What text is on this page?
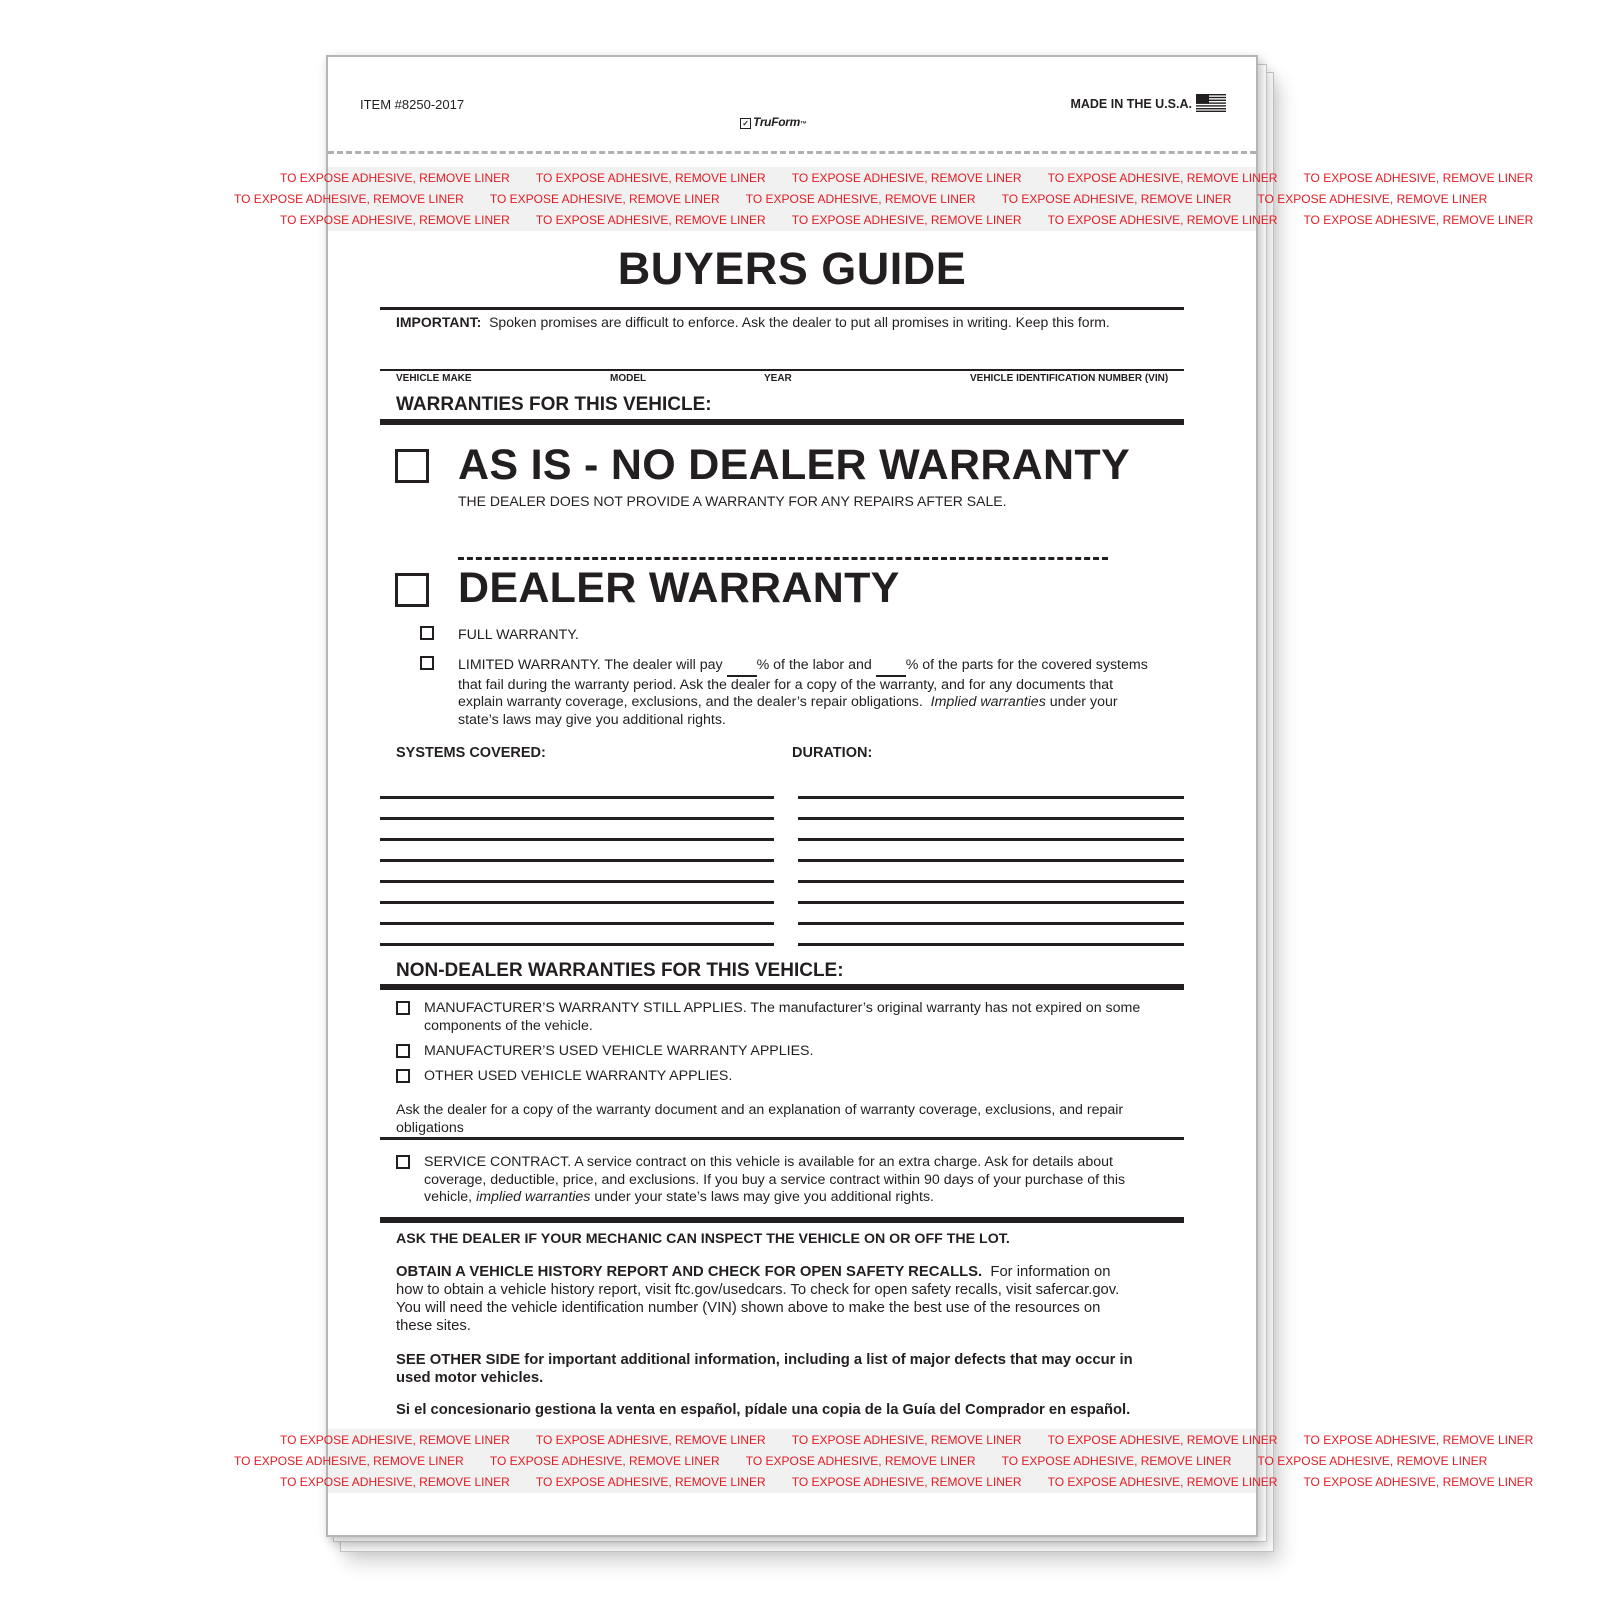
ITEM #8250-2017
✓ TruForm™
MADE IN THE U.S.A.
TO EXPOSE ADHESIVE, REMOVE LINER TO EXPOSE ADHESIVE, REMOVE LINER TO EXPOSE ADHESIVE, REMOVE LINER TO EXPOSE ADHESIVE, REMOVE LINER TO EXPOSE ADHESIVE, REMOVE LINER
TO EXPOSE ADHESIVE, REMOVE LINER TO EXPOSE ADHESIVE, REMOVE LINER TO EXPOSE ADHESIVE, REMOVE LINER TO EXPOSE ADHESIVE, REMOVE LINER TO EXPOSE ADHESIVE, REMOVE LINER
TO EXPOSE ADHESIVE, REMOVE LINER TO EXPOSE ADHESIVE, REMOVE LINER TO EXPOSE ADHESIVE, REMOVE LINER TO EXPOSE ADHESIVE, REMOVE LINER TO EXPOSE ADHESIVE, REMOVE LINER
BUYERS GUIDE
IMPORTANT: Spoken promises are difficult to enforce. Ask the dealer to put all promises in writing. Keep this form.
VEHICLE MAKE	MODEL	YEAR	VEHICLE IDENTIFICATION NUMBER (VIN)
WARRANTIES FOR THIS VEHICLE:
AS IS - NO DEALER WARRANTY
THE DEALER DOES NOT PROVIDE A WARRANTY FOR ANY REPAIRS AFTER SALE.
DEALER WARRANTY
FULL WARRANTY.
LIMITED WARRANTY. The dealer will pay % of the labor and % of the parts for the covered systems
that fail during the warranty period. Ask the dealer for a copy of the warranty, and for any documents that
explain warranty coverage, exclusions, and the dealer’s repair obligations. Implied warranties under your
state’s laws may give you additional rights.
SYSTEMS COVERED:	DURATION:
NON-DEALER WARRANTIES FOR THIS VEHICLE:
MANUFACTURER’S WARRANTY STILL APPLIES. The manufacturer’s original warranty has not expired on some
components of the vehicle.
MANUFACTURER’S USED VEHICLE WARRANTY APPLIES.
OTHER USED VEHICLE WARRANTY APPLIES.
Ask the dealer for a copy of the warranty document and an explanation of warranty coverage, exclusions, and repair
obligations
SERVICE CONTRACT. A service contract on this vehicle is available for an extra charge. Ask for details about
coverage, deductible, price, and exclusions. If you buy a service contract within 90 days of your purchase of this
vehicle, implied warranties under your state’s laws may give you additional rights.
ASK THE DEALER IF YOUR MECHANIC CAN INSPECT THE VEHICLE ON OR OFF THE LOT.
OBTAIN A VEHICLE HISTORY REPORT AND CHECK FOR OPEN SAFETY RECALLS. For information on
how to obtain a vehicle history report, visit ftc.gov/usedcars. To check for open safety recalls, visit safercar.gov.
You will need the vehicle identification number (VIN) shown above to make the best use of the resources on
these sites.
SEE OTHER SIDE for important additional information, including a list of major defects that may occur in
used motor vehicles.
Si el concesionario gestiona la venta en español, pídale una copia de la Guía del Comprador en español.
TO EXPOSE ADHESIVE, REMOVE LINER TO EXPOSE ADHESIVE, REMOVE LINER TO EXPOSE ADHESIVE, REMOVE LINER TO EXPOSE ADHESIVE, REMOVE LINER TO EXPOSE ADHESIVE, REMOVE LINER
TO EXPOSE ADHESIVE, REMOVE LINER TO EXPOSE ADHESIVE, REMOVE LINER TO EXPOSE ADHESIVE, REMOVE LINER TO EXPOSE ADHESIVE, REMOVE LINER TO EXPOSE ADHESIVE, REMOVE LINER
TO EXPOSE ADHESIVE, REMOVE LINER TO EXPOSE ADHESIVE, REMOVE LINER TO EXPOSE ADHESIVE, REMOVE LINER TO EXPOSE ADHESIVE, REMOVE LINER TO EXPOSE ADHESIVE, REMOVE LINER
